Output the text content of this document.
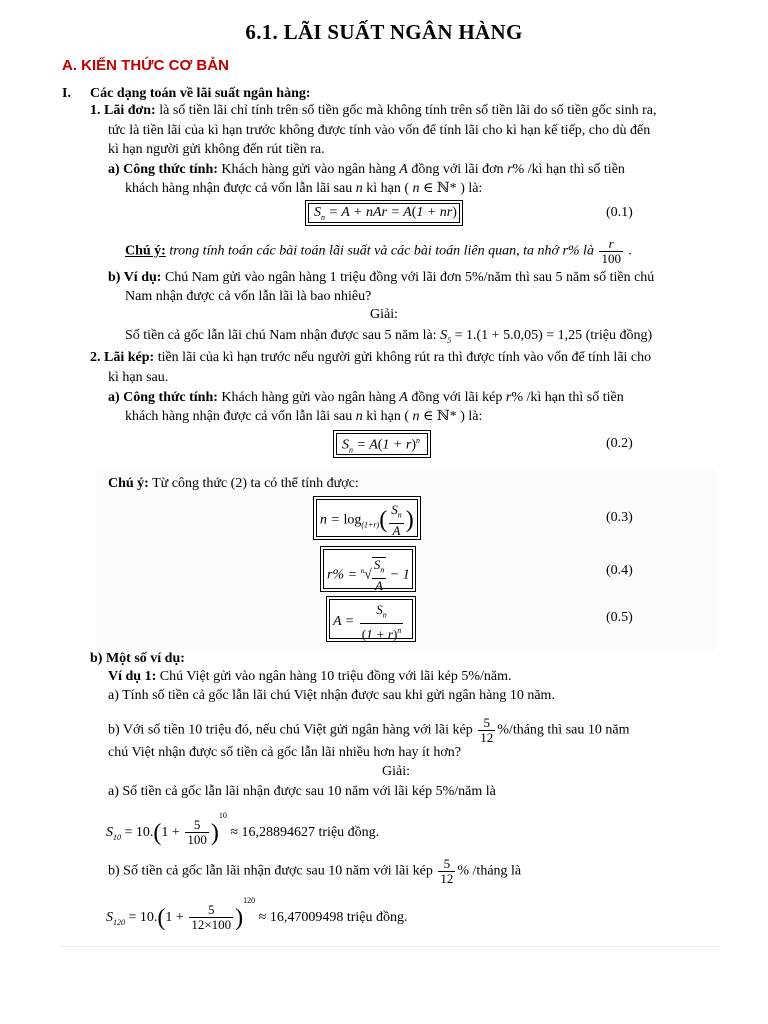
6.1. LÃI SUẤT NGÂN HÀNG
A. KIẾN THỨC CƠ BẢN
I. Các dạng toán về lãi suất ngân hàng:
1. Lãi đơn: là số tiền lãi chỉ tính trên số tiền gốc mà không tính trên số tiền lãi do số tiền gốc sinh ra,
tức là tiền lãi của kì hạn trước không được tính vào vốn để tính lãi cho kì hạn kế tiếp, cho dù đến
kì hạn người gửi không đến rút tiền ra.
a) Công thức tính: Khách hàng gửi vào ngân hàng A đồng với lãi đơn r% /kì hạn thì số tiền
khách hàng nhận được cả vốn lẫn lãi sau n kì hạn ( n ∈ ℕ* ) là:
$S_n = A$ + nAr = A(1 + nr)	(0.1)
Chú ý: trong tính toán các bài toán lãi suất và các bài toán liên quan, ta nhớ r% là $\frac{r}{100}$ .
b) Ví dụ: Chú Nam gửi vào ngân hàng 1 triệu đồng với lãi đơn 5%/năm thì sau 5 năm số tiền chú
Nam nhận được cả vốn lẫn lãi là bao nhiêu?
Giải:
Số tiền cả gốc lẫn lãi chú Nam nhận được sau 5 năm là: $S_5 = 1.(1 + 5.0,05) = 1,25$ (triệu đồng)
2. Lãi kép: tiền lãi của kì hạn trước nếu người gửi không rút ra thì được tính vào vốn để tính lãi cho
kì hạn sau.
a) Công thức tính: Khách hàng gửi vào ngân hàng A đồng với lãi kép r% /kì hạn thì số tiền
khách hàng nhận được cả vốn lẫn lãi sau n kì hạn ( n ∈ ℕ* ) là:
$S_n = A(1 + r)^n$	(0.2)
Chú ý: Từ công thức (2) ta có thể tính được:
$n = \log_{(1+r)}( \frac{S_n}{A}$ )	(0.3)
$r\% = ^n√ \frac{S_n}{A} - 1$	(0.4)
$A = \frac{S_n}{(1 + r)^n}$	(0.5)
b) Một số ví dụ:
Ví dụ 1: Chú Việt gửi vào ngân hàng 10 triệu đồng với lãi kép 5%/năm.
a) Tính số tiền cả gốc lẫn lãi chú Việt nhận được sau khi gửi ngân hàng 10 năm.
b) Với số tiền 10 triệu đó, nếu chú Việt gửi ngân hàng với lãi kép $\frac{5}{12}$ %/tháng thì sau 10 năm
chú Việt nhận được số tiền cả gốc lẫn lãi nhiều hơn hay ít hơn?
Giải:
a) Số tiền cả gốc lẫn lãi nhận được sau 10 năm với lãi kép 5%/năm là
$S_{10} = 10.(1 + \frac{5}{100} )^{10} \approx 16,28894627$ triệu đồng.
b) Số tiền cả gốc lẫn lãi nhận được sau 10 năm với lãi kép $\frac{5}{12}$ % /tháng là
$S_{120} = 10.(1 + \frac{5}{12\times 100} )^{120} \approx 16,47009498$ triệu đồng.
